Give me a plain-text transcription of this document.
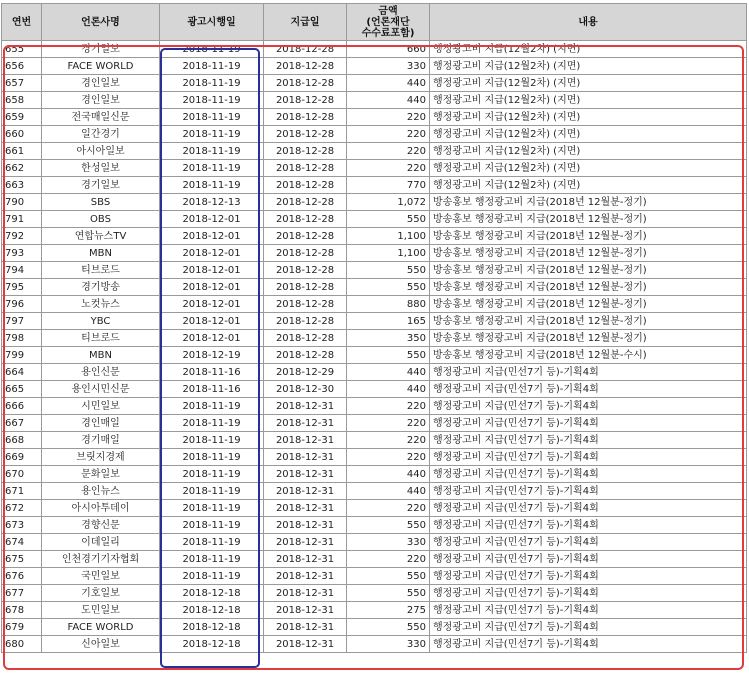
연번	언론사명	광고시행일	지급일	금액
(언론재단
수수료포함)	내용
655	경기일보	2018-11-19	2018-12-28	660	행정광고비 지급(12월2차) (지면)
656	FACE WORLD	2018-11-19	2018-12-28	330	행정광고비 지급(12월2차) (지면)
657	경인일보	2018-11-19	2018-12-28	440	행정광고비 지급(12월2차) (지면)
658	경인일보	2018-11-19	2018-12-28	440	행정광고비 지급(12월2차) (지면)
659	전국매일신문	2018-11-19	2018-12-28	220	행정광고비 지급(12월2차) (지면)
660	일간경기	2018-11-19	2018-12-28	220	행정광고비 지급(12월2차) (지면)
661	아시아일보	2018-11-19	2018-12-28	220	행정광고비 지급(12월2차) (지면)
662	한성일보	2018-11-19	2018-12-28	220	행정광고비 지급(12월2차) (지면)
663	경기일보	2018-11-19	2018-12-28	770	행정광고비 지급(12월2차) (지면)
790	SBS	2018-12-13	2018-12-28	1,072	방송홍보 행정광고비 지급(2018년 12월분-정기)
791	OBS	2018-12-01	2018-12-28	550	방송홍보 행정광고비 지급(2018년 12월분-정기)
792	연합뉴스TV	2018-12-01	2018-12-28	1,100	방송홍보 행정광고비 지급(2018년 12월분-정기)
793	MBN	2018-12-01	2018-12-28	1,100	방송홍보 행정광고비 지급(2018년 12월분-정기)
794	티브로드	2018-12-01	2018-12-28	550	방송홍보 행정광고비 지급(2018년 12월분-정기)
795	경기방송	2018-12-01	2018-12-28	550	방송홍보 행정광고비 지급(2018년 12월분-정기)
796	노컷뉴스	2018-12-01	2018-12-28	880	방송홍보 행정광고비 지급(2018년 12월분-정기)
797	YBC	2018-12-01	2018-12-28	165	방송홍보 행정광고비 지급(2018년 12월분-정기)
798	티브로드	2018-12-01	2018-12-28	350	방송홍보 행정광고비 지급(2018년 12월분-정기)
799	MBN	2018-12-19	2018-12-28	550	방송홍보 행정광고비 지급(2018년 12월분-수시)
664	용인신문	2018-11-16	2018-12-29	440	행정광고비 지급(민선7기 등)-기획4회
665	용인시민신문	2018-11-16	2018-12-30	440	행정광고비 지급(민선7기 등)-기획4회
666	시민일보	2018-11-19	2018-12-31	220	행정광고비 지급(민선7기 등)-기획4회
667	경인매일	2018-11-19	2018-12-31	220	행정광고비 지급(민선7기 등)-기획4회
668	경기매일	2018-11-19	2018-12-31	220	행정광고비 지급(민선7기 등)-기획4회
669	브릿지경제	2018-11-19	2018-12-31	220	행정광고비 지급(민선7기 등)-기획4회
670	문화일보	2018-11-19	2018-12-31	440	행정광고비 지급(민선7기 등)-기획4회
671	용인뉴스	2018-11-19	2018-12-31	440	행정광고비 지급(민선7기 등)-기획4회
672	아시아투데이	2018-11-19	2018-12-31	220	행정광고비 지급(민선7기 등)-기획4회
673	경향신문	2018-11-19	2018-12-31	550	행정광고비 지급(민선7기 등)-기획4회
674	이데일리	2018-11-19	2018-12-31	330	행정광고비 지급(민선7기 등)-기획4회
675	인천경기기자협회	2018-11-19	2018-12-31	220	행정광고비 지급(민선7기 등)-기획4회
676	국민일보	2018-11-19	2018-12-31	550	행정광고비 지급(민선7기 등)-기획4회
677	기호일보	2018-12-18	2018-12-31	550	행정광고비 지급(민선7기 등)-기획4회
678	도민일보	2018-12-18	2018-12-31	275	행정광고비 지급(민선7기 등)-기획4회
679	FACE WORLD	2018-12-18	2018-12-31	550	행정광고비 지급(민선7기 등)-기획4회
680	신아일보	2018-12-18	2018-12-31	330	행정광고비 지급(민선7기 등)-기획4회
